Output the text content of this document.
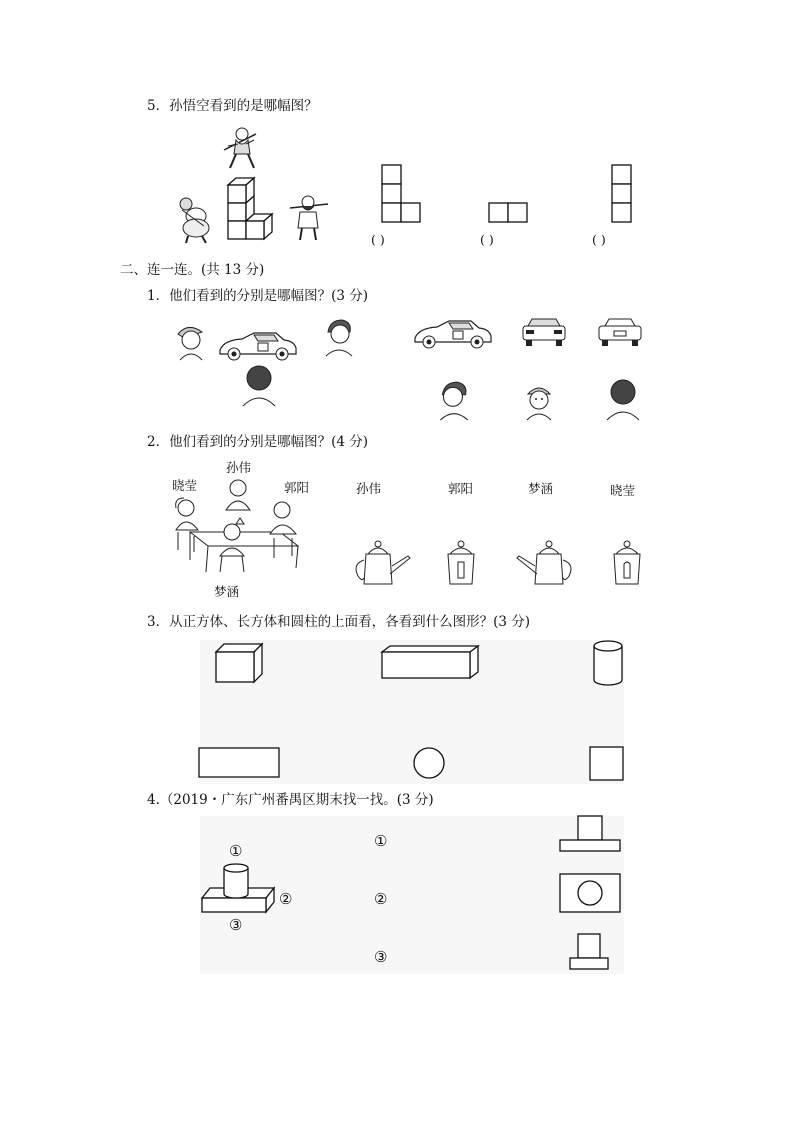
5．孙悟空看到的是哪幅图？
( )	( )	( )
二、连一连。(共 13 分)
1．他们看到的分别是哪幅图？(3 分)
2．他们看到的分别是哪幅图？(4 分)
孙伟
晓莹	郭阳
梦涵
孙伟	郭阳	梦涵	晓莹
3．从正方体、长方体和圆柱的上面看，各看到什么图形？(3 分)
4.（2019・广东广州番禺区期末找一找。(3 分)
①
②
③
①
②
③
